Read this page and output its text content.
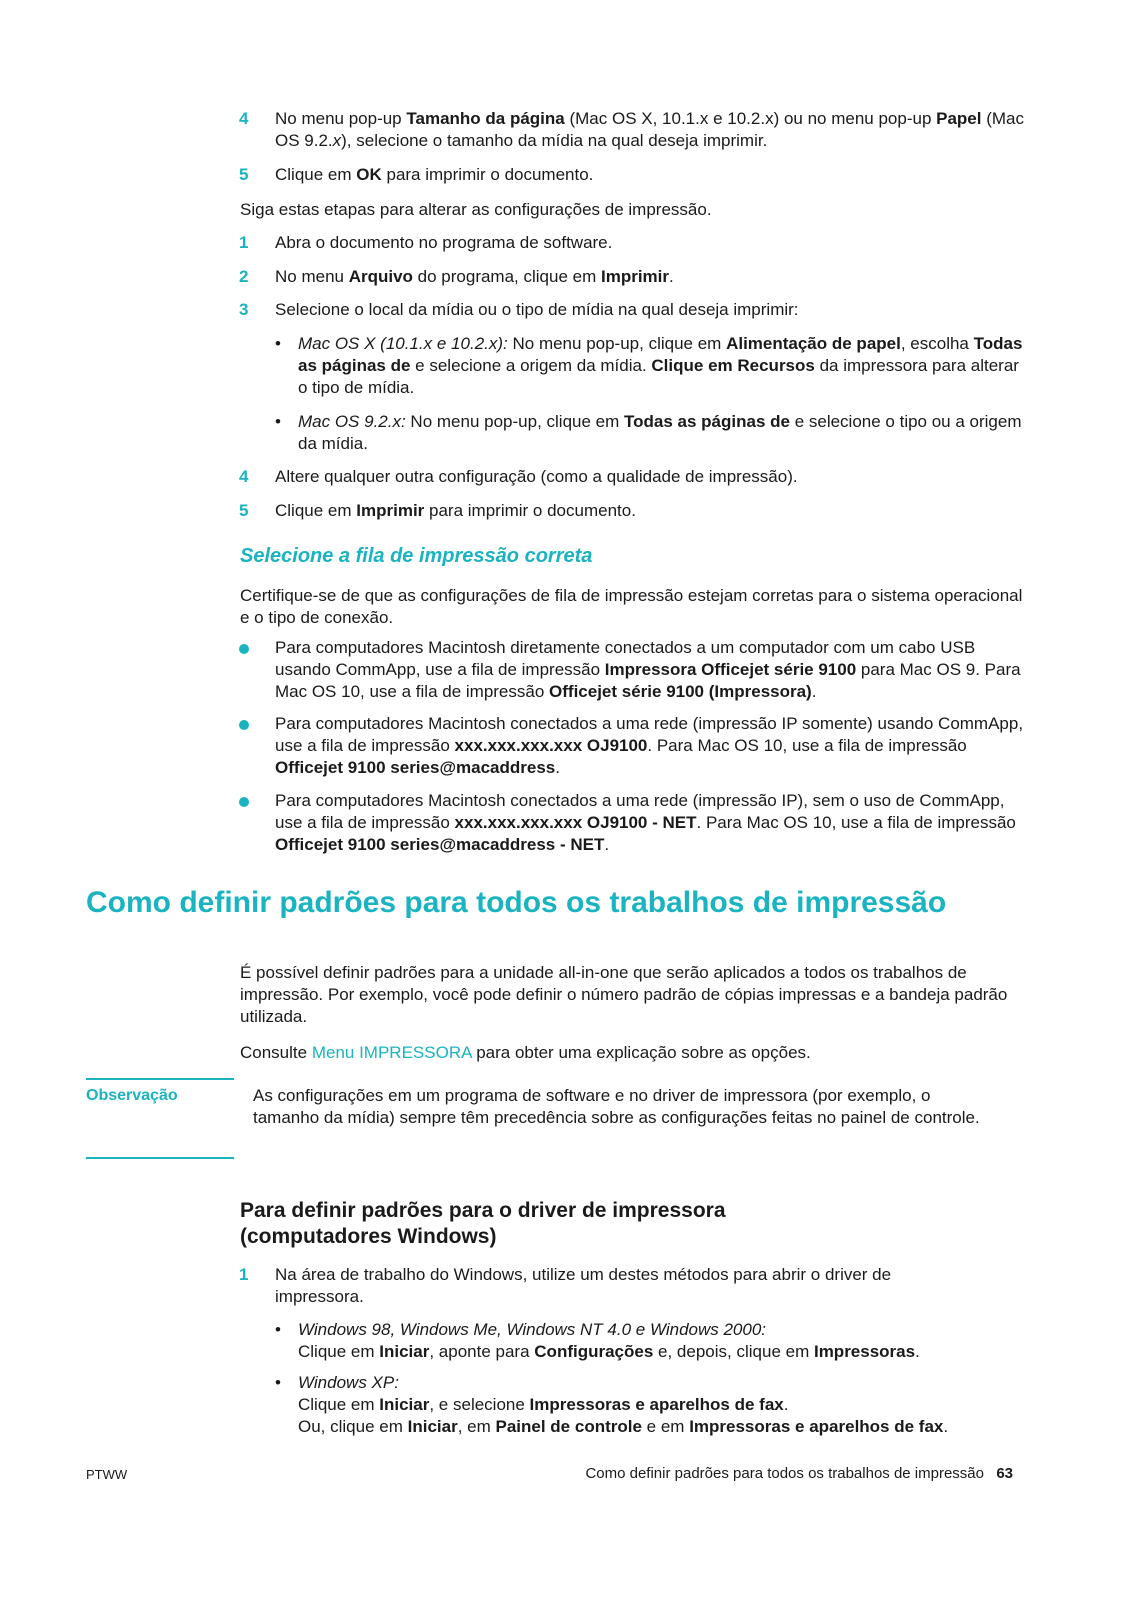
4	No menu pop-up Tamanho da página (Mac OS X, 10.1.x e 10.2.x) ou no menu pop-up Papel (Mac OS 9.2.x), selecione o tamanho da mídia na qual deseja imprimir.
5	Clique em OK para imprimir o documento.
Siga estas etapas para alterar as configurações de impressão.
1	Abra o documento no programa de software.
2	No menu Arquivo do programa, clique em Imprimir.
3	Selecione o local da mídia ou o tipo de mídia na qual deseja imprimir:
• Mac OS X (10.1.x e 10.2.x): No menu pop-up, clique em Alimentação de papel, escolha Todas as páginas de e selecione a origem da mídia. Clique em Recursos da impressora para alterar o tipo de mídia.
• Mac OS 9.2.x: No menu pop-up, clique em Todas as páginas de e selecione o tipo ou a origem da mídia.
4	Altere qualquer outra configuração (como a qualidade de impressão).
5	Clique em Imprimir para imprimir o documento.
Selecione a fila de impressão correta
Certifique-se de que as configurações de fila de impressão estejam corretas para o sistema operacional e o tipo de conexão.
Para computadores Macintosh diretamente conectados a um computador com um cabo USB usando CommApp, use a fila de impressão Impressora Officejet série 9100 para Mac OS 9. Para Mac OS 10, use a fila de impressão Officejet série 9100 (Impressora).
Para computadores Macintosh conectados a uma rede (impressão IP somente) usando CommApp, use a fila de impressão xxx.xxx.xxx.xxx OJ9100. Para Mac OS 10, use a fila de impressão Officejet 9100 series@macaddress.
Para computadores Macintosh conectados a uma rede (impressão IP), sem o uso de CommApp, use a fila de impressão xxx.xxx.xxx.xxx OJ9100 - NET. Para Mac OS 10, use a fila de impressão Officejet 9100 series@macaddress - NET.
Como definir padrões para todos os trabalhos de impressão
É possível definir padrões para a unidade all-in-one que serão aplicados a todos os trabalhos de impressão. Por exemplo, você pode definir o número padrão de cópias impressas e a bandeja padrão utilizada.
Consulte Menu IMPRESSORA para obter uma explicação sobre as opções.
Observação	As configurações em um programa de software e no driver de impressora (por exemplo, o tamanho da mídia) sempre têm precedência sobre as configurações feitas no painel de controle.
Para definir padrões para o driver de impressora (computadores Windows)
1	Na área de trabalho do Windows, utilize um destes métodos para abrir o driver de impressora.
• Windows 98, Windows Me, Windows NT 4.0 e Windows 2000:
Clique em Iniciar, aponte para Configurações e, depois, clique em Impressoras.
• Windows XP:
Clique em Iniciar, e selecione Impressoras e aparelhos de fax.
Ou, clique em Iniciar, em Painel de controle e em Impressoras e aparelhos de fax.
PTWW	Como definir padrões para todos os trabalhos de impressão 63
